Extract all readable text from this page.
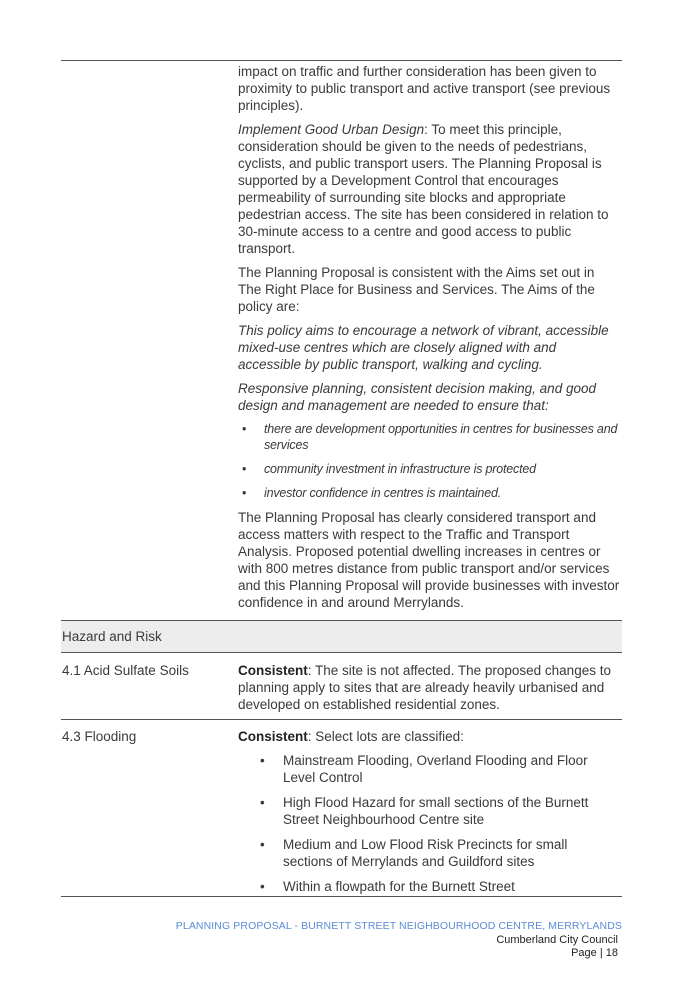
impact on traffic and further consideration has been given to proximity to public transport and active transport (see previous principles).

Implement Good Urban Design: To meet this principle, consideration should be given to the needs of pedestrians, cyclists, and public transport users. The Planning Proposal is supported by a Development Control that encourages permeability of surrounding site blocks and appropriate pedestrian access. The site has been considered in relation to 30-minute access to a centre and good access to public transport.

The Planning Proposal is consistent with the Aims set out in The Right Place for Business and Services. The Aims of the policy are:

This policy aims to encourage a network of vibrant, accessible mixed-use centres which are closely aligned with and accessible by public transport, walking and cycling.

Responsive planning, consistent decision making, and good design and management are needed to ensure that:

• there are development opportunities in centres for businesses and services
• community investment in infrastructure is protected
• investor confidence in centres is maintained.

The Planning Proposal has clearly considered transport and access matters with respect to the Traffic and Transport Analysis. Proposed potential dwelling increases in centres or with 800 metres distance from public transport and/or services and this Planning Proposal will provide businesses with investor confidence in and around Merrylands.

Hazard and Risk
4.1 Acid Sulfate Soils	Consistent: The site is not affected. The proposed changes to planning apply to sites that are already heavily urbanised and developed on established residential zones.

4.3 Flooding	Consistent: Select lots are classified:

• Mainstream Flooding, Overland Flooding and Floor Level Control
• High Flood Hazard for small sections of the Burnett Street Neighbourhood Centre site
• Medium and Low Flood Risk Precincts for small sections of Merrylands and Guildford sites
• Within a flowpath for the Burnett Street
PLANNING PROPOSAL - BURNETT STREET NEIGHBOURHOOD CENTRE, MERRYLANDS
Cumberland City Council
Page | 18
